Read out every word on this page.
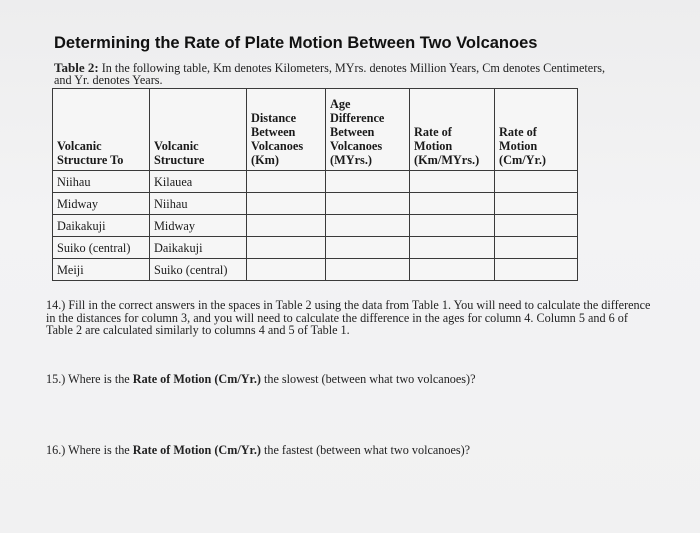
Determining the Rate of Plate Motion Between Two Volcanoes
Table 2: In the following table, Km denotes Kilometers, MYrs. denotes Million Years, Cm denotes Centimeters, and Yr. denotes Years.
Volcanic Structure To	Volcanic Structure	Distance Between Volcanoes (Km)	Age Difference Between Volcanoes (MYrs.)	Rate of Motion (Km/MYrs.)	Rate of Motion (Cm/Yr.)
Niihau	Kilauea				
Midway	Niihau				
Daikakuji	Midway				
Suiko (central)	Daikakuji				
Meiji	Suiko (central)				
14.) Fill in the correct answers in the spaces in Table 2 using the data from Table 1. You will need to calculate the difference in the distances for column 3, and you will need to calculate the difference in the ages for column 4. Column 5 and 6 of Table 2 are calculated similarly to columns 4 and 5 of Table 1.
15.) Where is the Rate of Motion (Cm/Yr.) the slowest (between what two volcanoes)?
16.) Where is the Rate of Motion (Cm/Yr.) the fastest (between what two volcanoes)?
